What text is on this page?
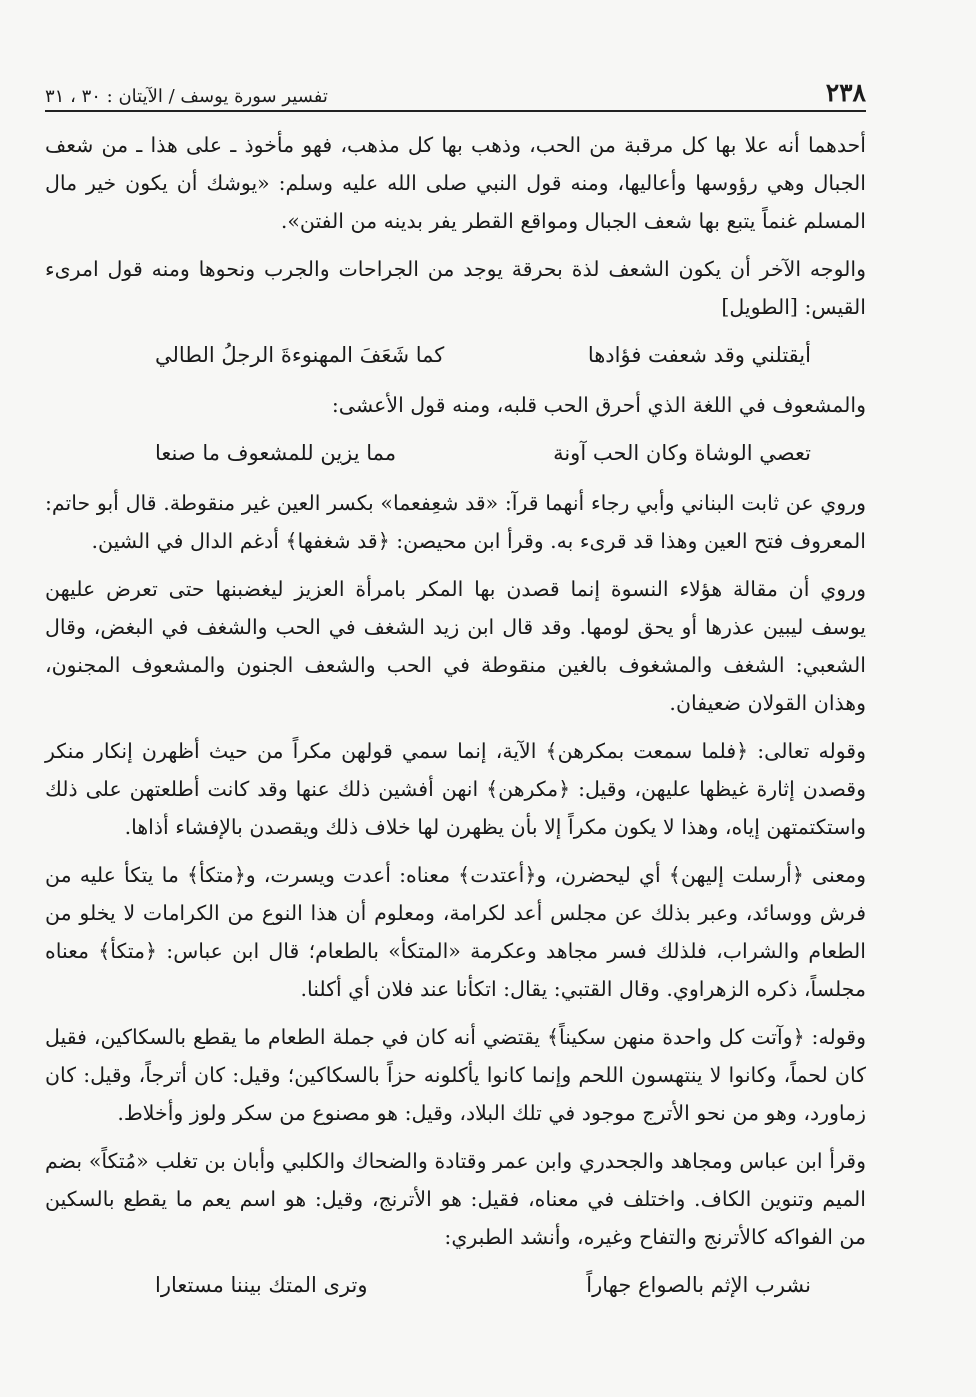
٢٣٨
تفسير سورة يوسف / الآيتان : ٣٠ ، ٣١

أحدهما أنه علا بها كل مرقبة من الحب، وذهب بها كل مذهب، فهو مأخوذ ـ على هذا ـ من شعف الجبال وهي رؤوسها وأعاليها، ومنه قول النبي صلى الله عليه وسلم: «يوشك أن يكون خير مال المسلم غنماً يتبع بها شعف الجبال ومواقع القطر يفر بدينه من الفتن».

والوجه الآخر أن يكون الشعف لذة بحرقة يوجد من الجراحات والجرب ونحوها ومنه قول امرىء القيس: [الطويل]

أيقتلني وقد شعفت فؤادها
كما شَعَفَ المهنوءةَ الرجلُ الطالي

والمشعوف في اللغة الذي أحرق الحب قلبه، ومنه قول الأعشى:

تعصي الوشاة وكان الحب آونة
مما يزين للمشعوف ما صنعا

وروي عن ثابت البناني وأبي رجاء أنهما قرآ: «قد شعِفعما» بكسر العين غير منقوطة. قال أبو حاتم: المعروف فتح العين وهذا قد قرىء به. وقرأ ابن محيصن: ﴿قد شغفها﴾ أدغم الدال في الشين.

وروي أن مقالة هؤلاء النسوة إنما قصدن بها المكر بامرأة العزيز ليغضبنها حتى تعرض عليهن يوسف ليبين عذرها أو يحق لومها. وقد قال ابن زيد الشغف في الحب والشغف في البغض، وقال الشعبي: الشغف والمشغوف بالغين منقوطة في الحب والشعف الجنون والمشعوف المجنون، وهذان القولان ضعيفان.

وقوله تعالى: ﴿فلما سمعت بمكرهن﴾ الآية، إنما سمي قولهن مكراً من حيث أظهرن إنكار منكر وقصدن إثارة غيظها عليهن، وقيل: ﴿مكرهن﴾ انهن أفشين ذلك عنها وقد كانت أطلعتهن على ذلك واستكتمتهن إياه، وهذا لا يكون مكراً إلا بأن يظهرن لها خلاف ذلك ويقصدن بالإفشاء أذاها.

ومعنى ﴿أرسلت إليهن﴾ أي ليحضرن، و﴿أعتدت﴾ معناه: أعدت ويسرت، و﴿متكأ﴾ ما يتكأ عليه من فرش ووسائد، وعبر بذلك عن مجلس أعد لكرامة، ومعلوم أن هذا النوع من الكرامات لا يخلو من الطعام والشراب، فلذلك فسر مجاهد وعكرمة «المتكأ» بالطعام؛ قال ابن عباس: ﴿متكأ﴾ معناه مجلساً، ذكره الزهراوي. وقال القتبي: يقال: اتكأنا عند فلان أي أكلنا.

وقوله: ﴿وآتت كل واحدة منهن سكيناً﴾ يقتضي أنه كان في جملة الطعام ما يقطع بالسكاكين، فقيل كان لحماً، وكانوا لا ينتهسون اللحم وإنما كانوا يأكلونه حزاً بالسكاكين؛ وقيل: كان أترجاً، وقيل: كان زماورد، وهو من نحو الأترج موجود في تلك البلاد، وقيل: هو مصنوع من سكر ولوز وأخلاط.

وقرأ ابن عباس ومجاهد والجحدري وابن عمر وقتادة والضحاك والكلبي وأبان بن تغلب «مُتكاً» بضم الميم وتنوين الكاف. واختلف في معناه، فقيل: هو الأترنج، وقيل: هو اسم يعم ما يقطع بالسكين من الفواكه كالأترنج والتفاح وغيره، وأنشد الطبري:

نشرب الإثم بالصواع جهاراً
وترى المتك بيننا مستعارا
